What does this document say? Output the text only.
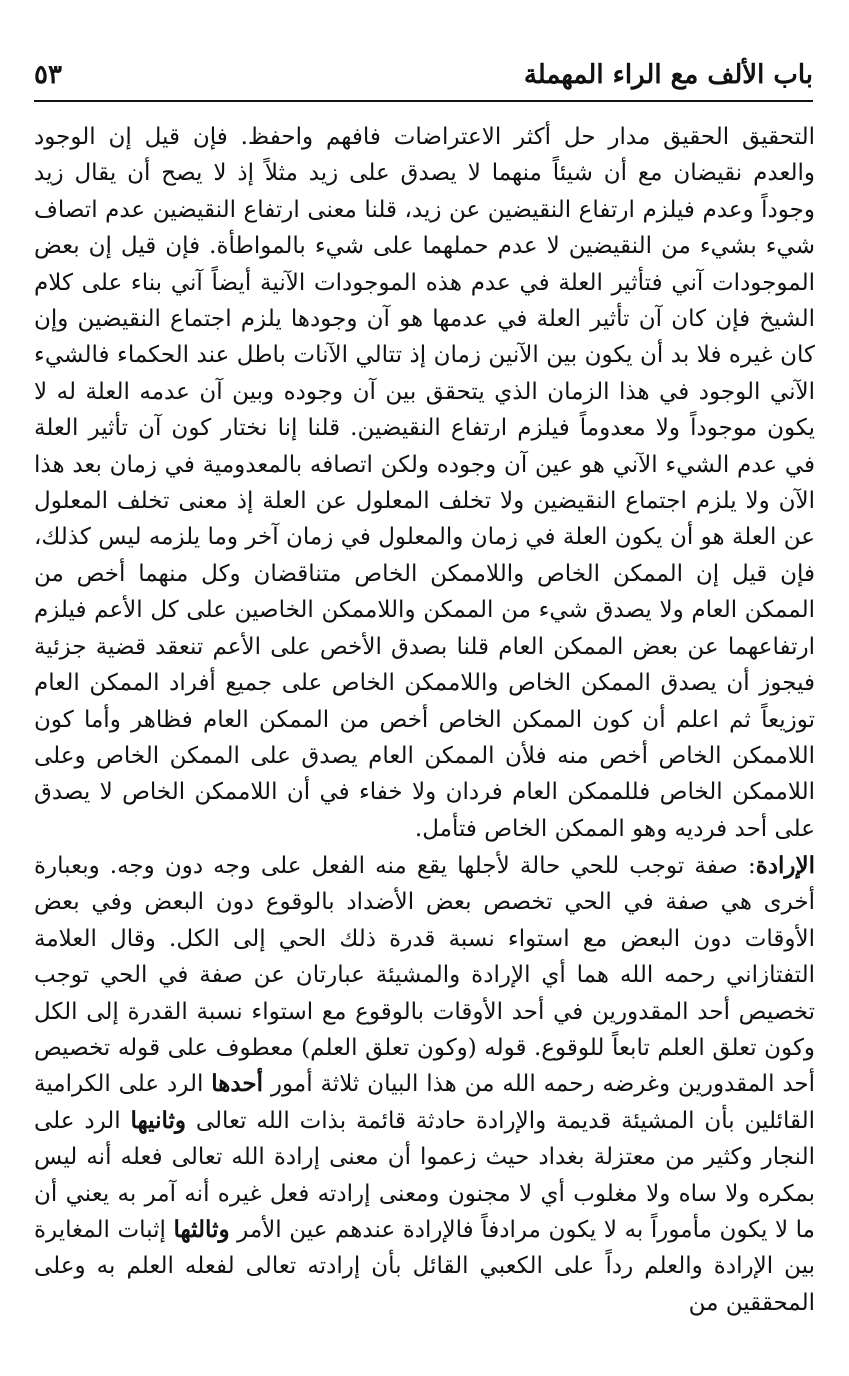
باب الألف مع الراء المهملة
٥٣

التحقيق الحقيق مدار حل أكثر الاعتراضات فافهم واحفظ. فإن قيل إن الوجود والعدم نقيضان مع أن شيئاً منهما لا يصدق على زيد مثلاً إذ لا يصح أن يقال زيد وجوداً وعدم فيلزم ارتفاع النقيضين عن زيد، قلنا معنى ارتفاع النقيضين عدم اتصاف شيء بشيء من النقيضين لا عدم حملهما على شيء بالمواطأة. فإن قيل إن بعض الموجودات آني فتأثير العلة في عدم هذه الموجودات الآنية أيضاً آني بناء على كلام الشيخ فإن كان آن تأثير العلة في عدمها هو آن وجودها يلزم اجتماع النقيضين وإن كان غيره فلا بد أن يكون بين الآنين زمان إذ تتالي الآنات باطل عند الحكماء فالشيء الآني الوجود في هذا الزمان الذي يتحقق بين آن وجوده وبين آن عدمه العلة له لا يكون موجوداً ولا معدوماً فيلزم ارتفاع النقيضين. قلنا إنا نختار كون آن تأثير العلة في عدم الشيء الآني هو عين آن وجوده ولكن اتصافه بالمعدومية في زمان بعد هذا الآن ولا يلزم اجتماع النقيضين ولا تخلف المعلول عن العلة إذ معنى تخلف المعلول عن العلة هو أن يكون العلة في زمان والمعلول في زمان آخر وما يلزمه ليس كذلك، فإن قيل إن الممكن الخاص واللاممكن الخاص متناقضان وكل منهما أخص من الممكن العام ولا يصدق شيء من الممكن واللاممكن الخاصين على كل الأعم فيلزم ارتفاعهما عن بعض الممكن العام قلنا بصدق الأخص على الأعم تنعقد قضية جزئية فيجوز أن يصدق الممكن الخاص واللاممكن الخاص على جميع أفراد الممكن العام توزيعاً ثم اعلم أن كون الممكن الخاص أخص من الممكن العام فظاهر وأما كون اللاممكن الخاص أخص منه فلأن الممكن العام يصدق على الممكن الخاص وعلى اللاممكن الخاص فللممكن العام فردان ولا خفاء في أن اللاممكن الخاص لا يصدق على أحد فرديه وهو الممكن الخاص فتأمل.

الإرادة: صفة توجب للحي حالة لأجلها يقع منه الفعل على وجه دون وجه. وبعبارة أخرى هي صفة في الحي تخصص بعض الأضداد بالوقوع دون البعض وفي بعض الأوقات دون البعض مع استواء نسبة قدرة ذلك الحي إلى الكل. وقال العلامة التفتازاني رحمه الله هما أي الإرادة والمشيئة عبارتان عن صفة في الحي توجب تخصيص أحد المقدورين في أحد الأوقات بالوقوع مع استواء نسبة القدرة إلى الكل وكون تعلق العلم تابعاً للوقوع. قوله (وكون تعلق العلم) معطوف على قوله تخصيص أحد المقدورين وغرضه رحمه الله من هذا البيان ثلاثة أمور أحدها الرد على الكرامية القائلين بأن المشيئة قديمة والإرادة حادثة قائمة بذات الله تعالى وثانيها الرد على النجار وكثير من معتزلة بغداد حيث زعموا أن معنى إرادة الله تعالى فعله أنه ليس بمكره ولا ساه ولا مغلوب أي لا مجنون ومعنى إرادته فعل غيره أنه آمر به يعني أن ما لا يكون مأموراً به لا يكون مرادفاً فالإرادة عندهم عين الأمر وثالثها إثبات المغايرة بين الإرادة والعلم رداً على الكعبي القائل بأن إرادته تعالى لفعله العلم به وعلى المحققين من
